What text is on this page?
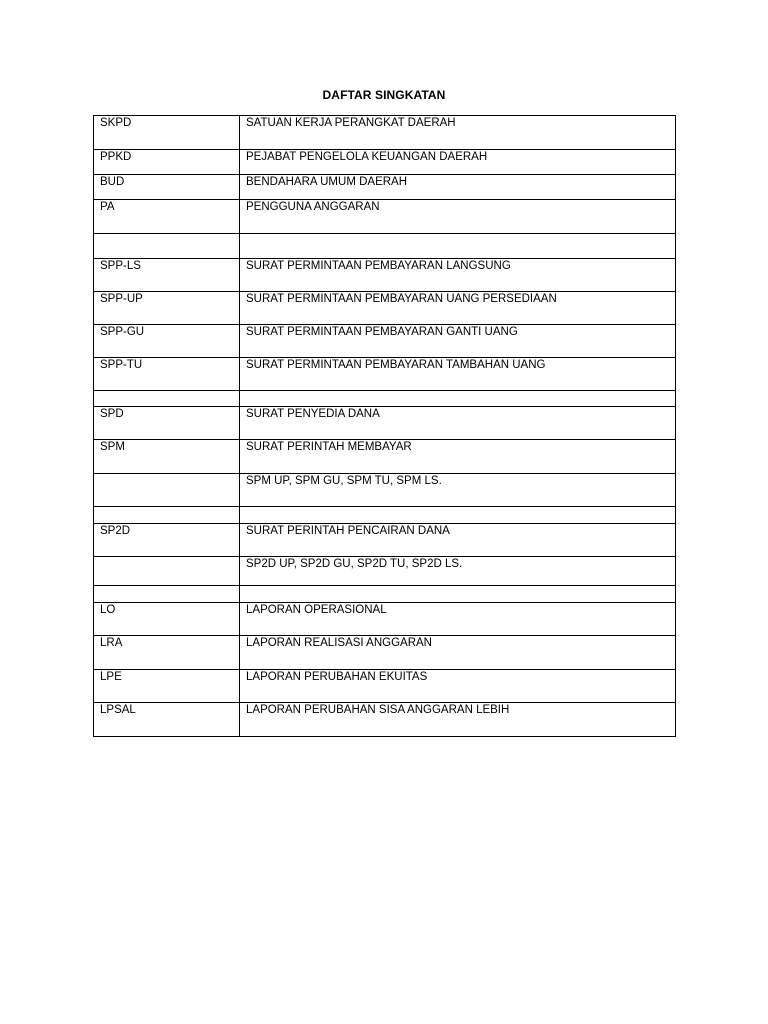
DAFTAR SINGKATAN
SKPD	SATUAN KERJA PERANGKAT DAERAH
PPKD	PEJABAT PENGELOLA KEUANGAN DAERAH
BUD	BENDAHARA UMUM DAERAH
PA	PENGGUNA ANGGARAN

SPP-LS	SURAT PERMINTAAN PEMBAYARAN LANGSUNG
SPP-UP	SURAT PERMINTAAN PEMBAYARAN UANG PERSEDIAAN
SPP-GU	SURAT PERMINTAAN PEMBAYARAN GANTI UANG
SPP-TU	SURAT PERMINTAAN PEMBAYARAN TAMBAHAN UANG

SPD	SURAT PENYEDIA DANA
SPM	SURAT PERINTAH MEMBAYAR
	SPM UP, SPM GU, SPM TU, SPM LS.

SP2D	SURAT PERINTAH PENCAIRAN DANA
	SP2D UP, SP2D GU, SP2D TU, SP2D LS.

LO	LAPORAN OPERASIONAL
LRA	LAPORAN REALISASI ANGGARAN
LPE	LAPORAN PERUBAHAN EKUITAS
LPSAL	LAPORAN PERUBAHAN SISA ANGGARAN LEBIH
